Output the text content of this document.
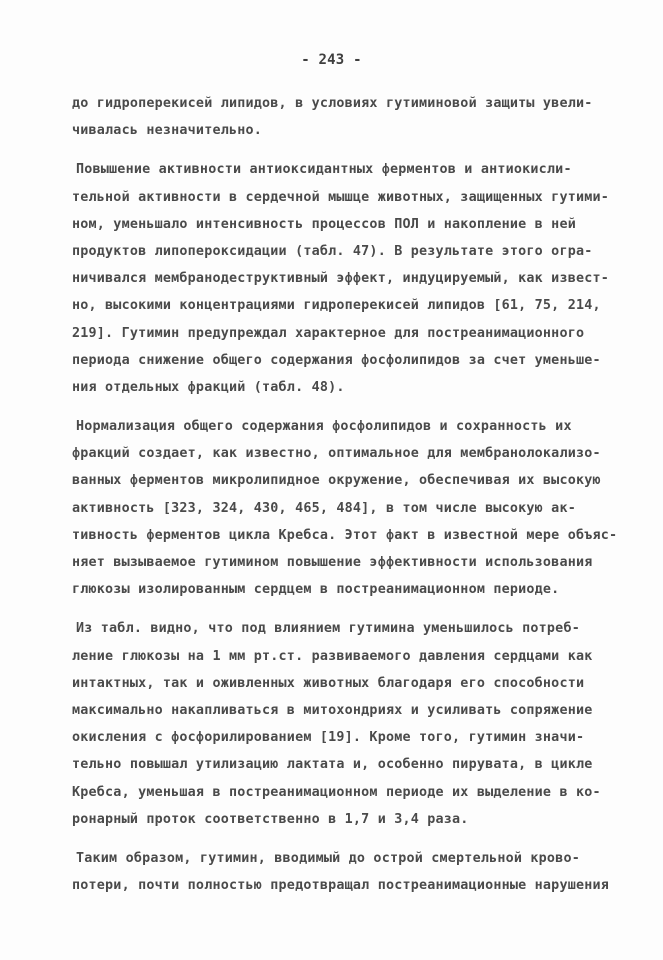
- 243 -
до гидроперекисей липидов, в условиях гутиминовой защиты увели-
чивалась незначительно.
Повышение активности антиоксидантных ферментов и антиокисли-
тельной активности в сердечной мышце животных, защищенных гутими-
ном, уменьшало интенсивность процессов ПОЛ и накопление в ней
продуктов липопероксидации (табл. 47). В результате этого огра-
ничивался мембранодеструктивный эффект, индуцируемый, как извест-
но, высокими концентрациями гидроперекисей липидов [61, 75, 214,
219]. Гутимин предупреждал характерное для постреанимационного
периода снижение общего содержания фосфолипидов за счет уменьше-
ния отдельных фракций (табл. 48).
Нормализация общего содержания фосфолипидов и сохранность их
фракций создает, как известно, оптимальное для мембранолокализо-
ванных ферментов микролипидное окружение, обеспечивая их высокую
активность [323, 324, 430, 465, 484], в том числе высокую ак-
тивность ферментов цикла Кребса. Этот факт в известной мере объяс-
няет вызываемое гутимином повышение эффективности использования
глюкозы изолированным сердцем в постреанимационном периоде.
Из табл. видно, что под влиянием гутимина уменьшилось потреб-
ление глюкозы на 1 мм рт.ст. развиваемого давления сердцами как
интактных, так и оживленных животных благодаря его способности
максимально накапливаться в митохондриях и усиливать сопряжение
окисления с фосфорилированием [19]. Кроме того, гутимин значи-
тельно повышал утилизацию лактата и, особенно пирувата, в цикле
Кребса, уменьшая в постреанимационном периоде их выделение в ко-
ронарный проток соответственно в 1,7 и 3,4 раза.
Таким образом, гутимин, вводимый до острой смертельной крово-
потери, почти полностью предотвращал постреанимационные нарушения
